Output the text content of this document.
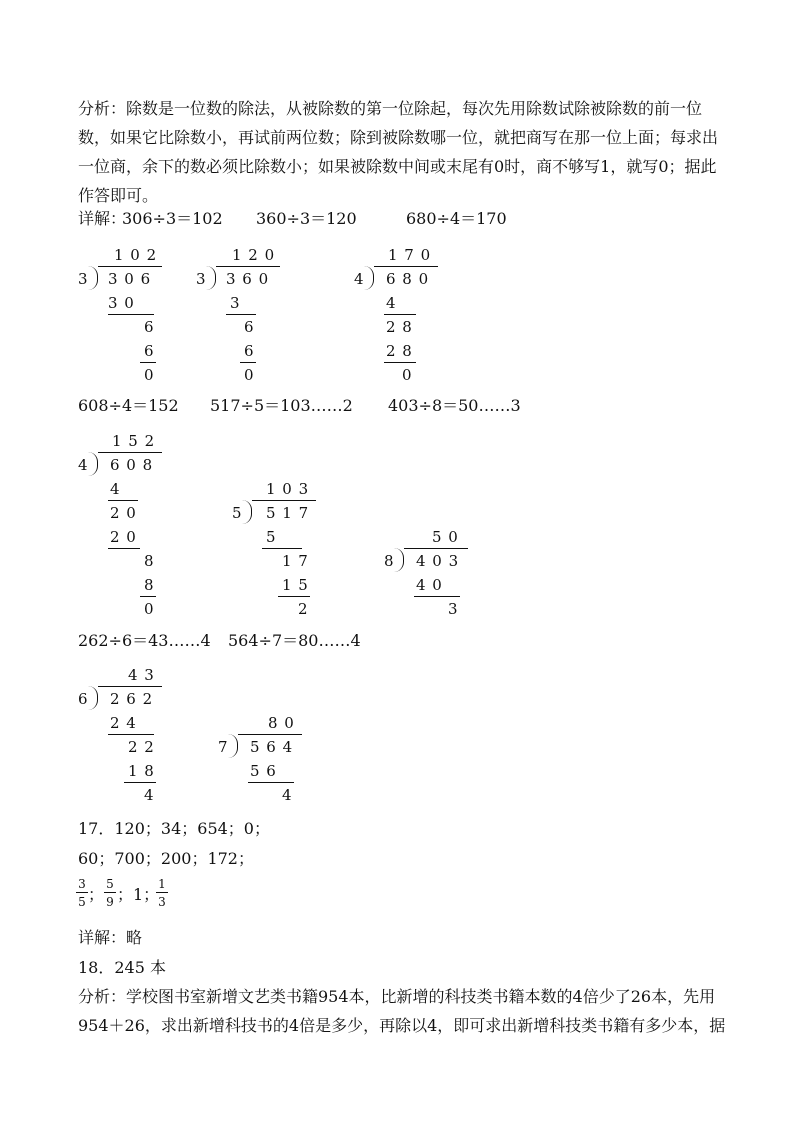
分析：除数是一位数的除法，从被除数的第一位除起，每次先用除数试除被除数的前一位数，如果它比除数小，再试前两位数；除到被除数哪一位，就把商写在那一位上面；每求出一位商，余下的数必须比除数小；如果被除数中间或末尾有0时，商不够写1，就写0；据此作答即可。
详解：
306÷3＝102 360÷3＝120	680÷4＝170
1 0 2
3 3 0 6
3 0
6
6
0
1 2 0
3 3 6 0
3
6
6
0
1 7 0
4 6 8 0
4
2 8
2 8
0
608÷4＝152 517÷5＝103……2 403÷8＝50……3
1 5 2
4 6 0 8
4
2 0
2 0
8
8
0
1 0 3
5 5 1 7
5
1 7
1 5
2
5 0
8 4 0 3
4 0
3
262÷6＝43……4 564÷7＝80……4
4 3
6 2 6 2
2 4
2 2
1 8
4
8 0
7 5 6 4
5 6
4
17．120；34；654；0；
60；700；200；172；
3
5 ；
5
9 ； 1；
1
3
详解：略
18．245 本
分析：学校图书室新增文艺类书籍954本，比新增的科技类书籍本数的4倍少了26本，先用954＋26，求出新增科技书的4倍是多少，再除以4，即可求出新增科技类书籍有多少本，据
